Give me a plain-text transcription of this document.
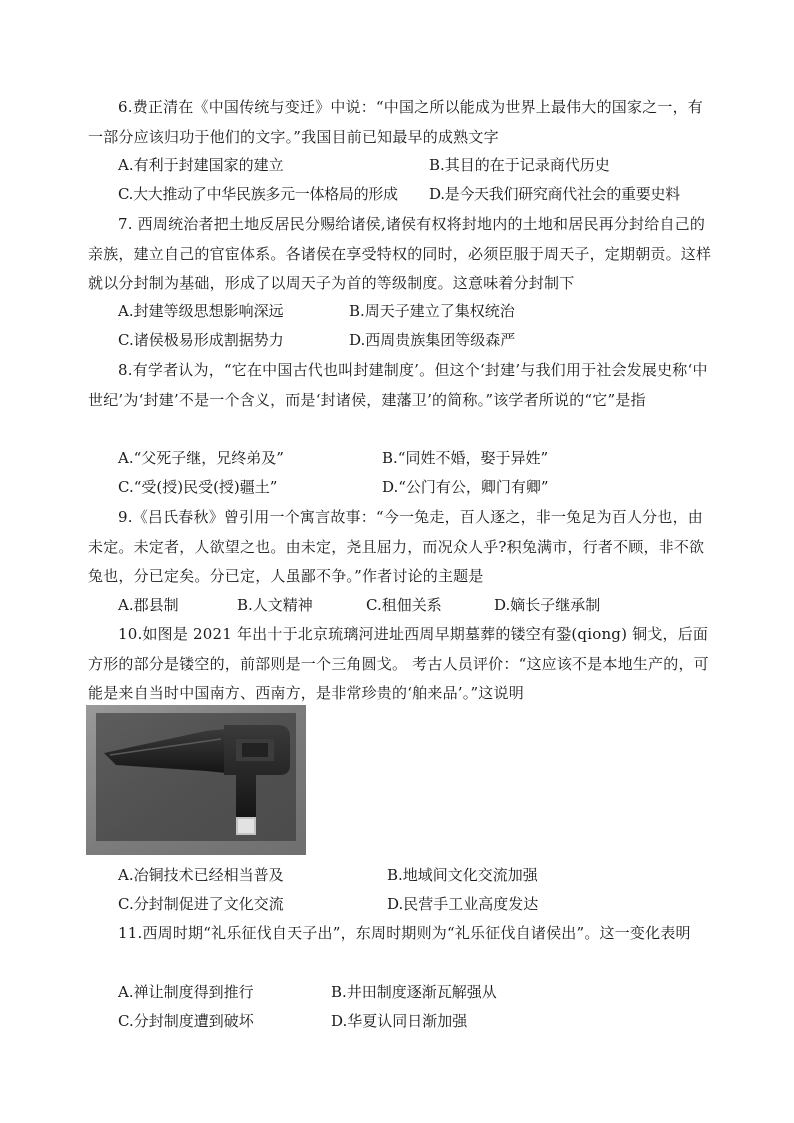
6.费正清在《中国传统与变迁》中说：“中国之所以能成为世界上最伟大的国家之一，有一部分应该归功于他们的文字。”我国目前已知最早的成熟文字

A.有利于封建国家的建立	B.其目的在于记录商代历史
C.大大推动了中华民族多元一体格局的形成 D.是今天我们研究商代社会的重要史料

7. 西周统治者把土地反居民分赐给诸侯,诸侯有权将封地内的土地和居民再分封给自己的亲族，建立自己的官宦体系。各诸侯在享受特权的同时，必须臣服于周天子，定期朝贡。这样就以分封制为基础，形成了以周天子为首的等级制度。这意味着分封制下

A.封建等级思想影响深远	B.周天子建立了集权统治
C.诸侯极易形成割据势力	D.西周贵族集团等级森严

8.有学者认为，“它在中国古代也叫封建制度’。但这个‘封建’与我们用于社会发展史称‘中世纪’为‘封建’不是一个含义，而是‘封诸侯，建藩卫’的简称。”该学者所说的“它”是指

A.“父死子继，兄终弟及”	B.“同姓不婚，娶于异姓”
C.“受(授)民受(授)疆土”	D.“公门有公，卿门有卿”

9.《吕氏春秋》曾引用一个寓言故事：“今一兔走，百人逐之，非一兔足为百人分也，由未定。未定者，人欲望之也。由未定，尧且屈力，而况众人乎?积兔满市，行者不顾，非不欲兔也，分已定矣。分已定，人虽鄙不争。”作者讨论的主题是

A.郡县制	B.人文精神	C.租佃关系	D.嫡长子继承制

10.如图是 2021 年出十于北京琉璃河进址西周早期墓葬的镂空有銎(qiong) 铜戈，后面方形的部分是镂空的，前部则是一个三角圆戈。 考古人员评价：“这应该不是本地生产的，可能是来自当时中国南方、西南方，是非常珍贵的‘舶来品’。”这说明

A.冶铜技术已经相当普及	B.地域间文化交流加强
C.分封制促进了文化交流	D.民营手工业高度发达

11.西周时期“礼乐征伐自天子出”，东周时期则为“礼乐征伐自诸侯出”。这一变化表明

A.禅让制度得到推行	B.井田制度逐渐瓦解强从
C.分封制度遭到破坏	D.华夏认同日渐加强
